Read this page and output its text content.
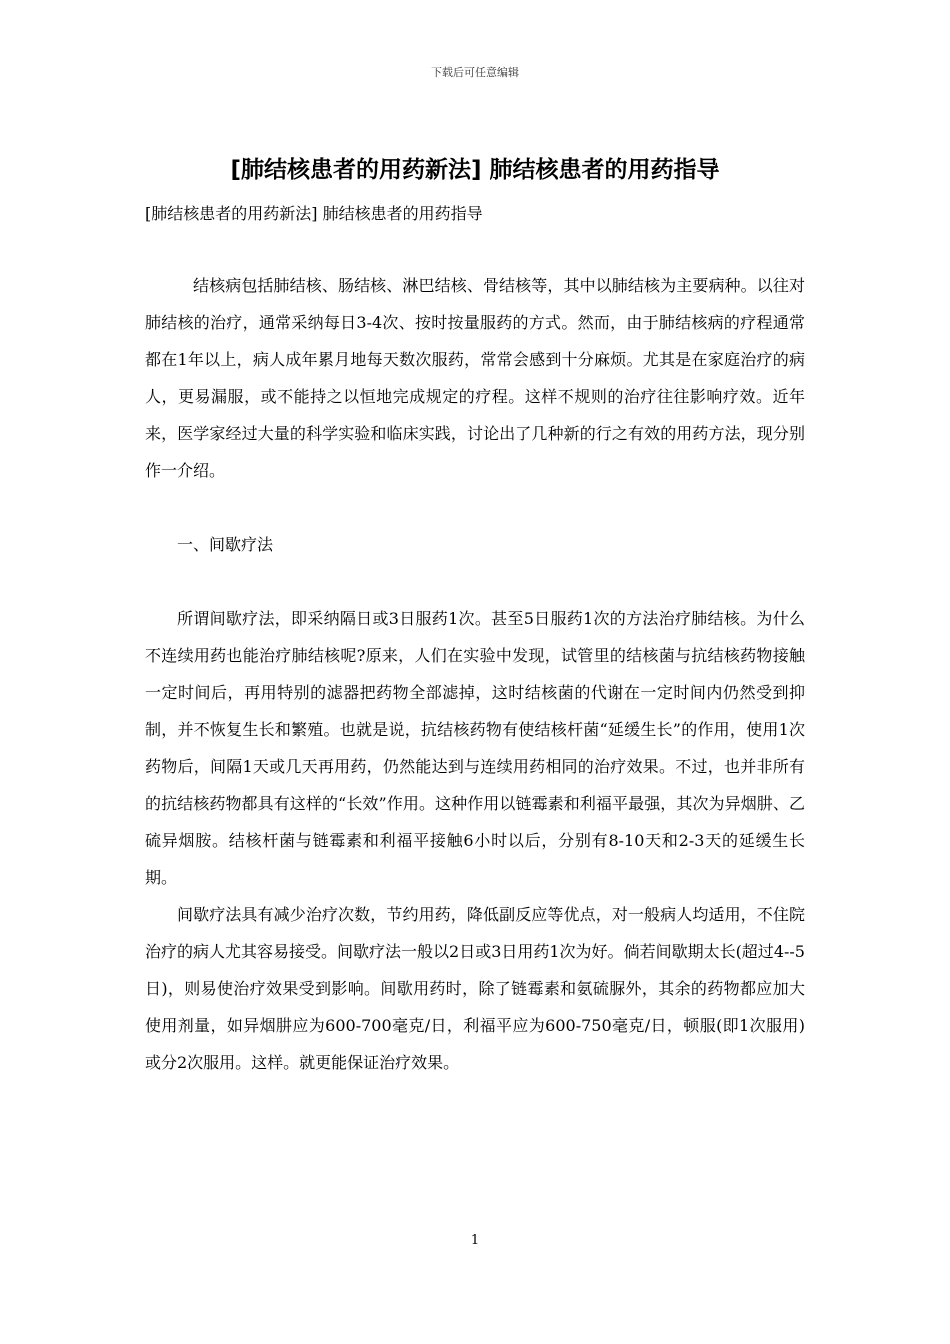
下载后可任意编辑
[肺结核患者的用药新法] 肺结核患者的用药指导

[肺结核患者的用药新法] 肺结核患者的用药指导

结核病包括肺结核、肠结核、淋巴结核、骨结核等，其中以肺结核为主要病种。以往对肺结核的治疗，通常采纳每日3-4次、按时按量服药的方式。然而，由于肺结核病的疗程通常都在1年以上，病人成年累月地每天数次服药，常常会感到十分麻烦。尤其是在家庭治疗的病人，更易漏服，或不能持之以恒地完成规定的疗程。这样不规则的治疗往往影响疗效。近年来，医学家经过大量的科学实验和临床实践，讨论出了几种新的行之有效的用药方法，现分别作一介绍。

一、间歇疗法

所谓间歇疗法，即采纳隔日或3日服药1次。甚至5日服药1次的方法治疗肺结核。为什么不连续用药也能治疗肺结核呢?原来，人们在实验中发现，试管里的结核菌与抗结核药物接触一定时间后，再用特别的滤器把药物全部滤掉，这时结核菌的代谢在一定时间内仍然受到抑制，并不恢复生长和繁殖。也就是说，抗结核药物有使结核杆菌“延缓生长”的作用，使用1次药物后，间隔1天或几天再用药，仍然能达到与连续用药相同的治疗效果。不过，也并非所有的抗结核药物都具有这样的“长效”作用。这种作用以链霉素和利福平最强，其次为异烟肼、乙硫异烟胺。结核杆菌与链霉素和利福平接触6小时以后，分别有8-10天和2-3天的延缓生长期。

间歇疗法具有减少治疗次数，节约用药，降低副反应等优点，对一般病人均适用，不住院治疗的病人尤其容易接受。间歇疗法一般以2日或3日用药1次为好。倘若间歇期太长(超过4--5日)，则易使治疗效果受到影响。间歇用药时，除了链霉素和氨硫脲外，其余的药物都应加大使用剂量，如异烟肼应为600-700毫克/日，利福平应为600-750毫克/日，顿服(即1次服用)或分2次服用。这样。就更能保证治疗效果。

1
